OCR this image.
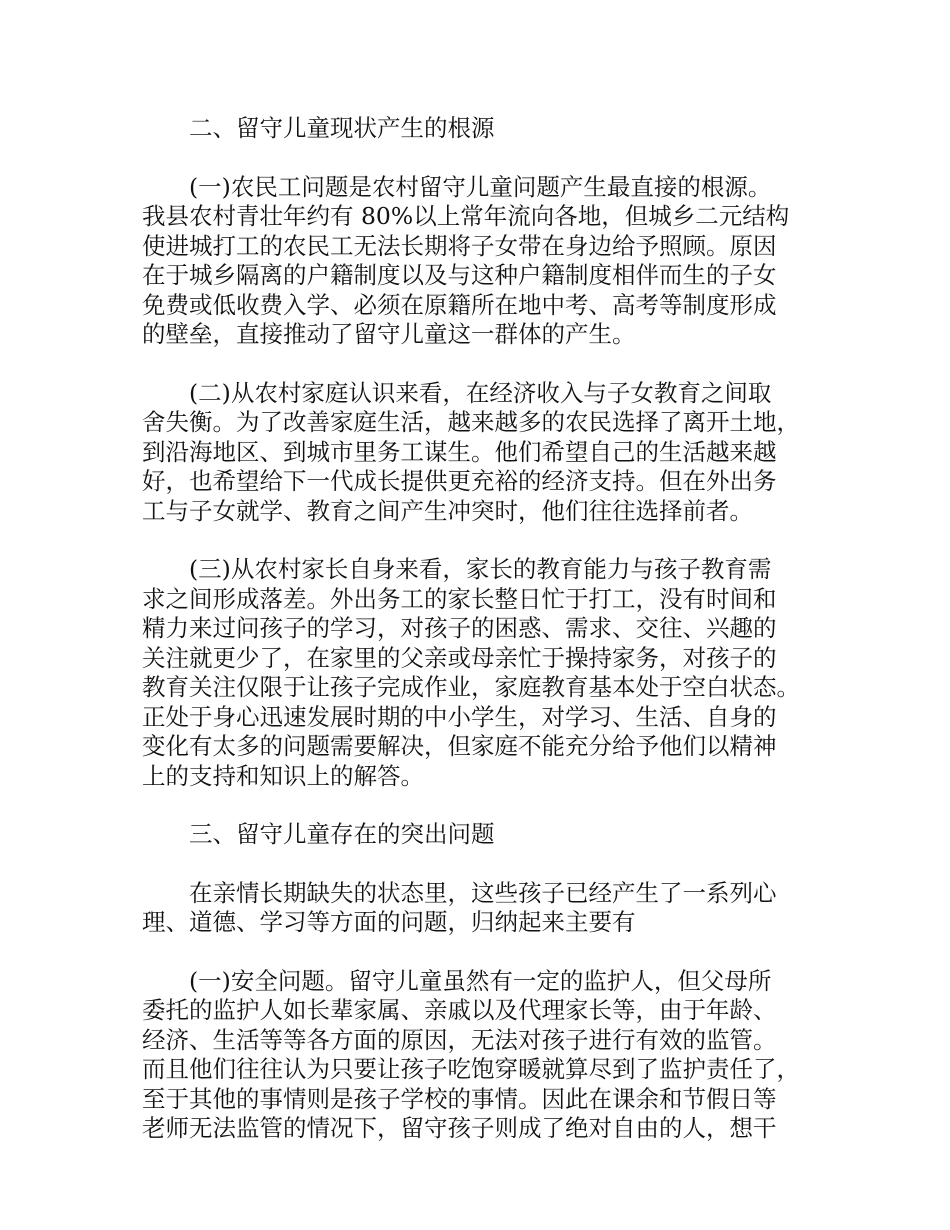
二、留守儿童现状产生的根源
(一)农民工问题是农村留守儿童问题产生最直接的根源。
我县农村青壮年约有 80%以上常年流向各地，但城乡二元结构
使进城打工的农民工无法长期将子女带在身边给予照顾。原因
在于城乡隔离的户籍制度以及与这种户籍制度相伴而生的子女
免费或低收费入学、必须在原籍所在地中考、高考等制度形成
的壁垒，直接推动了留守儿童这一群体的产生。
(二)从农村家庭认识来看，在经济收入与子女教育之间取
舍失衡。为了改善家庭生活，越来越多的农民选择了离开土地，
到沿海地区、到城市里务工谋生。他们希望自己的生活越来越
好，也希望给下一代成长提供更充裕的经济支持。但在外出务
工与子女就学、教育之间产生冲突时，他们往往选择前者。
(三)从农村家长自身来看，家长的教育能力与孩子教育需
求之间形成落差。外出务工的家长整日忙于打工，没有时间和
精力来过问孩子的学习，对孩子的困惑、需求、交往、兴趣的
关注就更少了，在家里的父亲或母亲忙于操持家务，对孩子的
教育关注仅限于让孩子完成作业，家庭教育基本处于空白状态。
正处于身心迅速发展时期的中小学生，对学习、生活、自身的
变化有太多的问题需要解决，但家庭不能充分给予他们以精神
上的支持和知识上的解答。
三、留守儿童存在的突出问题
在亲情长期缺失的状态里，这些孩子已经产生了一系列心
理、道德、学习等方面的问题，归纳起来主要有
(一)安全问题。留守儿童虽然有一定的监护人，但父母所
委托的监护人如长辈家属、亲戚以及代理家长等，由于年龄、
经济、生活等等各方面的原因，无法对孩子进行有效的监管。
而且他们往往认为只要让孩子吃饱穿暖就算尽到了监护责任了，
至于其他的事情则是孩子学校的事情。因此在课余和节假日等
老师无法监管的情况下，留守孩子则成了绝对自由的人，想干
